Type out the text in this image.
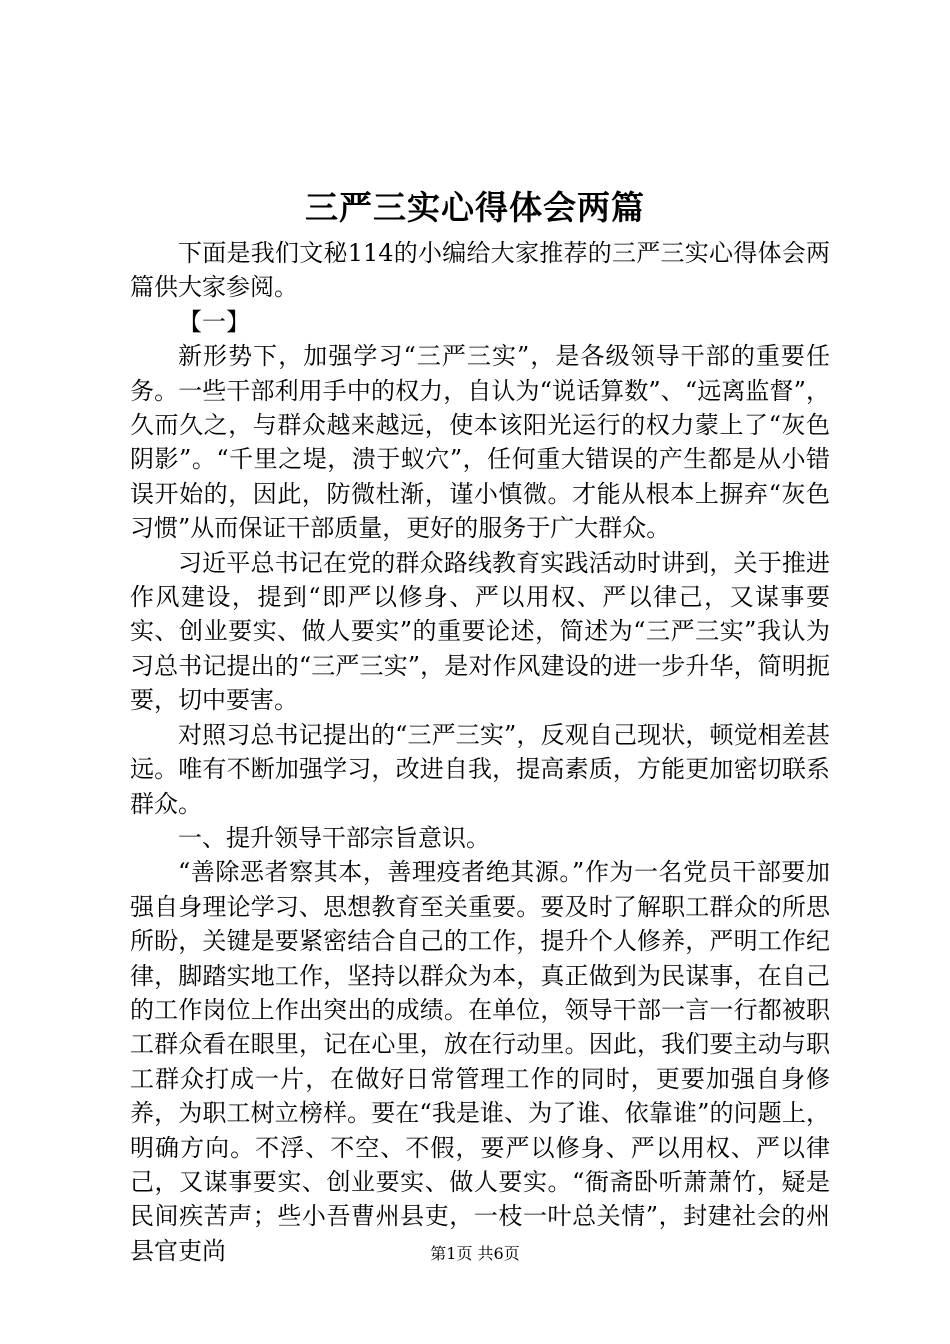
三严三实心得体会两篇

下面是我们文秘114的小编给大家推荐的三严三实心得体会两篇供大家参阅。

【一】

新形势下，加强学习“三严三实”，是各级领导干部的重要任务。一些干部利用手中的权力，自认为“说话算数”、“远离监督”，久而久之，与群众越来越远，使本该阳光运行的权力蒙上了“灰色阴影”。“千里之堤，溃于蚁穴”，任何重大错误的产生都是从小错误开始的，因此，防微杜渐，谨小慎微。才能从根本上摒弃“灰色习惯”从而保证干部质量，更好的服务于广大群众。

习近平总书记在党的群众路线教育实践活动时讲到，关于推进作风建设，提到“即严以修身、严以用权、严以律己，又谋事要实、创业要实、做人要实”的重要论述，简述为“三严三实”我认为习总书记提出的“三严三实”，是对作风建设的进一步升华，简明扼要，切中要害。

对照习总书记提出的“三严三实”，反观自己现状，顿觉相差甚远。唯有不断加强学习，改进自我，提高素质，方能更加密切联系群众。

一、提升领导干部宗旨意识。

“善除恶者察其本，善理疫者绝其源。”作为一名党员干部要加强自身理论学习、思想教育至关重要。要及时了解职工群众的所思所盼，关键是要紧密结合自己的工作，提升个人修养，严明工作纪律，脚踏实地工作，坚持以群众为本，真正做到为民谋事，在自己的工作岗位上作出突出的成绩。在单位，领导干部一言一行都被职工群众看在眼里，记在心里，放在行动里。因此，我们要主动与职工群众打成一片，在做好日常管理工作的同时，更要加强自身修养，为职工树立榜样。要在“我是谁、为了谁、依靠谁”的问题上，明确方向。不浮、不空、不假，要严以修身、严以用权、严以律己，又谋事要实、创业要实、做人要实。“衙斋卧听萧萧竹，疑是民间疾苦声；些小吾曹州县吏，一枝一叶总关情”，封建社会的州县官吏尚	第1页 共6页
